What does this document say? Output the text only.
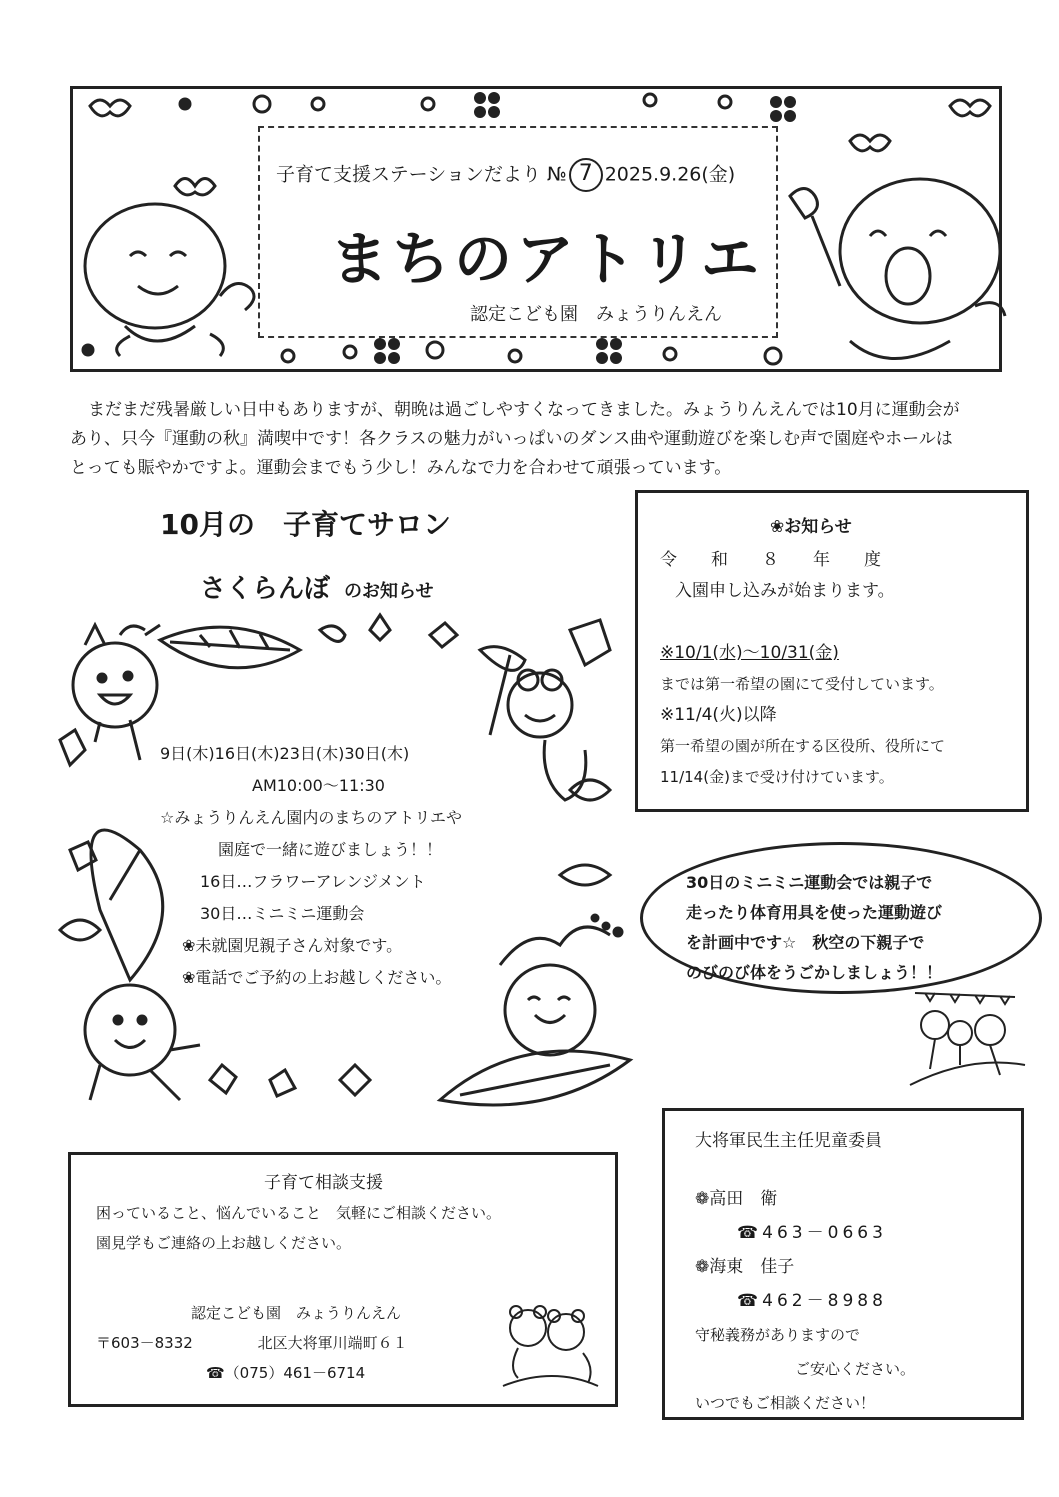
子育て支援ステーションだより № 7 2025.9.26(金)
まちのアトリエ
認定こども園　みょうりんえん

まだまだ残暑厳しい日中もありますが、朝晩は過ごしやすくなってきました。みょうりんえんでは10月に運動会が

あり、只今『運動の秋』満喫中です！各クラスの魅力がいっぱいのダンス曲や運動遊びを楽しむ声で園庭やホールは

とっても賑やかですよ。運動会までもう少し！みんなで力を合わせて頑張っています。

10月の　子育てサロン
さくらんぼ のお知らせ
9日(木)16日(木)23日(木)30日(木)
AM10:00～11:30
☆みょうりんえん園内のまちのアトリエや
園庭で一緒に遊びましょう！！
16日…フラワーアレンジメント
30日…ミニミニ運動会
❀未就園児親子さん対象です。
❀電話でご予約の上お越しください。
❀お知らせ
令　　和　　８　　年　　度
入園申し込みが始まります。
※10/1(水)～10/31(金)
までは第一希望の園にて受付しています。
※11/4(火)以降
第一希望の園が所在する区役所、役所にて
11/14(金)まで受け付けています。
30日のミニミニ運動会では親子で
走ったり体育用具を使った運動遊び
を計画中です☆　秋空の下親子で
のびのび体をうごかしましょう！！
子育て相談支援
困っていること、悩んでいること　気軽にご相談ください。
園見学もご連絡の上お越しください。
認定こども園　みょうりんえん
〒603－8332	北区大将軍川端町６１
☎（075）461－6714
大将軍民生主任児童委員
❁高田　衛
☎463－0663
❁海東　佳子
☎462－8988
守秘義務がありますので
ご安心ください。
いつでもご相談ください！
